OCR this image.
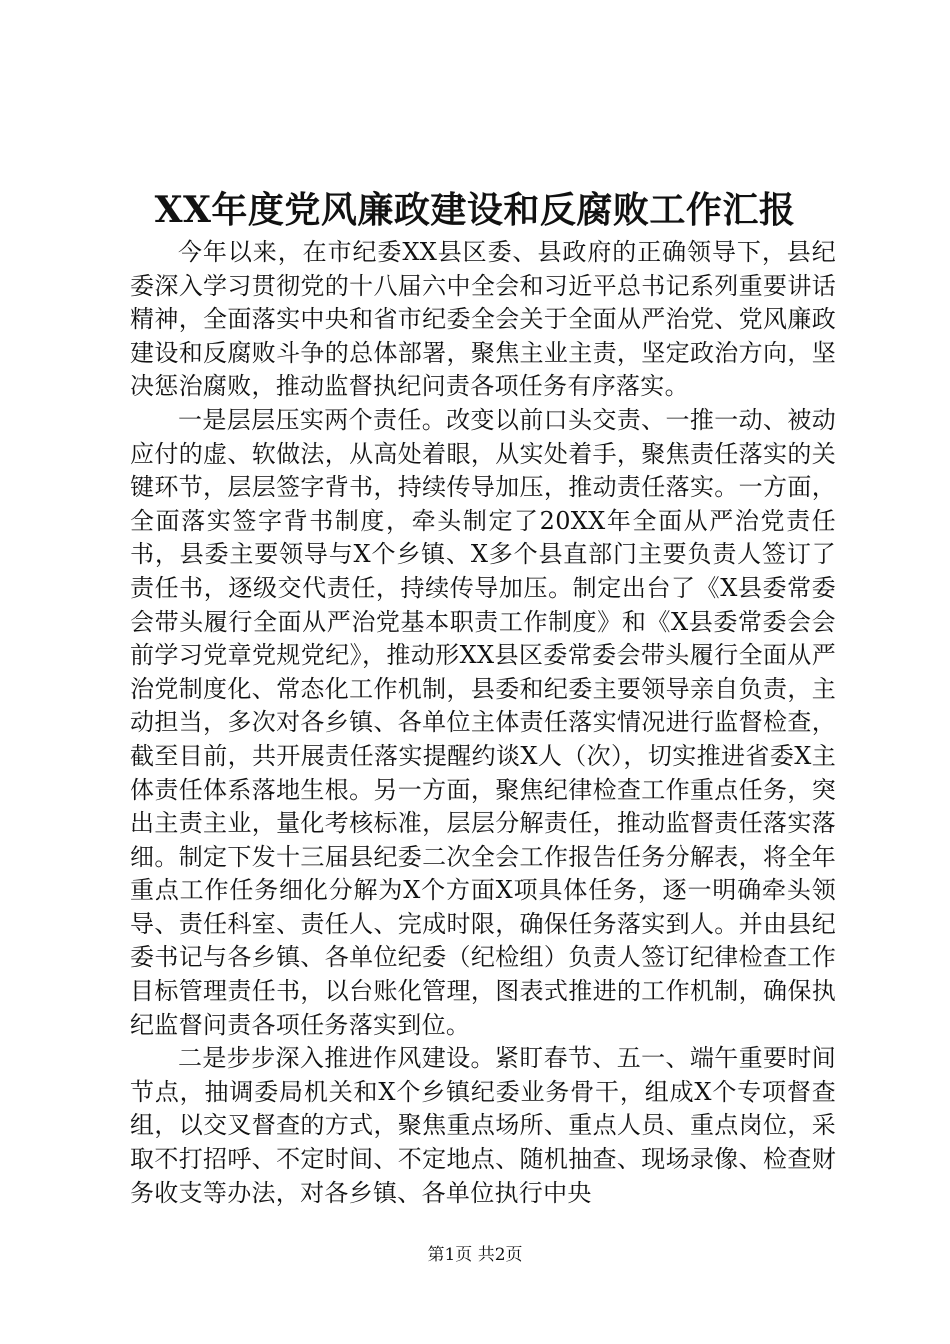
XX年度党风廉政建设和反腐败工作汇报

今年以来，在市纪委XX县区委、县政府的正确领导下，县纪委深入学习贯彻党的十八届六中全会和习近平总书记系列重要讲话精神，全面落实中央和省市纪委全会关于全面从严治党、党风廉政建设和反腐败斗争的总体部署，聚焦主业主责，坚定政治方向，坚决惩治腐败，推动监督执纪问责各项任务有序落实。

一是层层压实两个责任。改变以前口头交责、一推一动、被动应付的虚、软做法，从高处着眼，从实处着手，聚焦责任落实的关键环节，层层签字背书，持续传导加压，推动责任落实。一方面，全面落实签字背书制度，牵头制定了20XX年全面从严治党责任书，县委主要领导与X个乡镇、X多个县直部门主要负责人签订了责任书，逐级交代责任，持续传导加压。制定出台了《X县委常委会带头履行全面从严治党基本职责工作制度》和《X县委常委会会前学习党章党规党纪》，推动形XX县区委常委会带头履行全面从严治党制度化、常态化工作机制，县委和纪委主要领导亲自负责，主动担当，多次对各乡镇、各单位主体责任落实情况进行监督检查，截至目前，共开展责任落实提醒约谈X人（次），切实推进省委X主体责任体系落地生根。另一方面，聚焦纪律检查工作重点任务，突出主责主业，量化考核标准，层层分解责任，推动监督责任落实落细。制定下发十三届县纪委二次全会工作报告任务分解表，将全年重点工作任务细化分解为X个方面X项具体任务，逐一明确牵头领导、责任科室、责任人、完成时限，确保任务落实到人。并由县纪委书记与各乡镇、各单位纪委（纪检组）负责人签订纪律检查工作目标管理责任书，以台账化管理，图表式推进的工作机制，确保执纪监督问责各项任务落实到位。

二是步步深入推进作风建设。紧盯春节、五一、端午重要时间节点，抽调委局机关和X个乡镇纪委业务骨干，组成X个专项督查组，以交叉督查的方式，聚焦重点场所、重点人员、重点岗位，采取不打招呼、不定时间、不定地点、随机抽查、现场录像、检查财务收支等办法，对各乡镇、各单位执行中央

第1页 共2页
